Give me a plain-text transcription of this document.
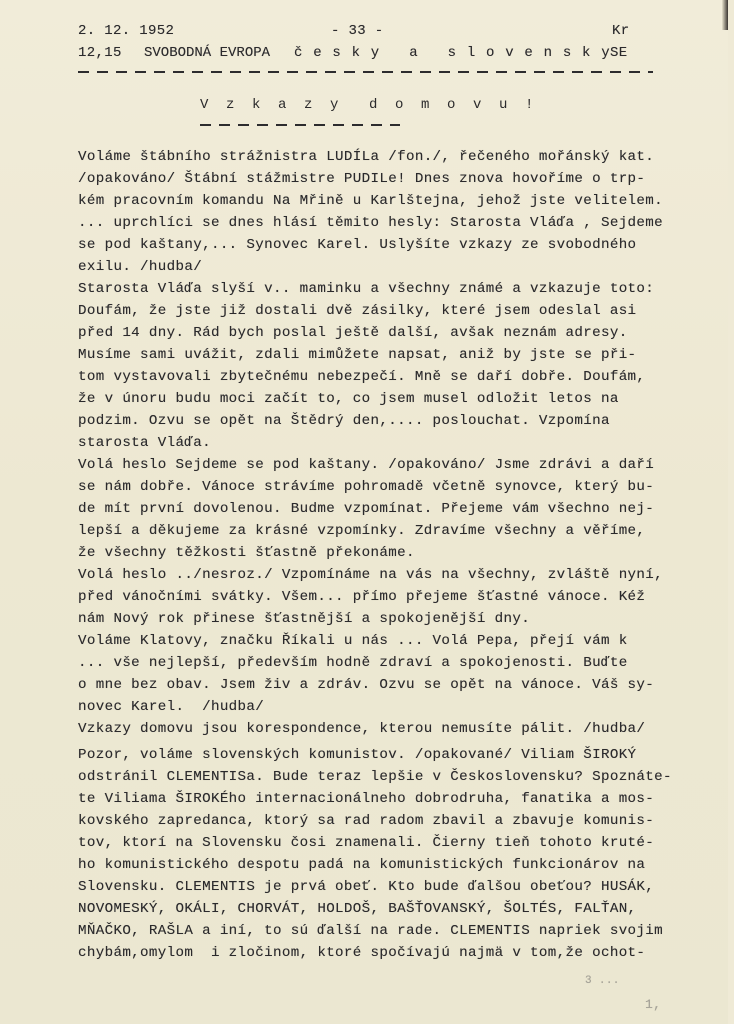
2. 12. 1952	- 33 -	Kr
12,15 SVOBODNÁ EVROPA č e s k y   a   s l o v e n s k y SE
V z k a z y  d o m o v u !
Voláme štábního strážnistra LUDÍLa /fon./, řečeného mořánský kat.
/opakováno/ Štábní stážmistre PUDILe! Dnes znova hovoříme o trp-
kém pracovním komandu Na Mřině u Karlštejna, jehož jste velitelem.
... uprchlíci se dnes hlásí těmito hesly: Starosta Vláďa , Sejdeme
se pod kaštany,... Synovec Karel. Uslyšíte vzkazy ze svobodného
exilu. /hudba/
Starosta Vláďa slyší v.. maminku a všechny známé a vzkazuje toto:
Doufám, že jste již dostali dvě zásilky, které jsem odeslal asi
před 14 dny. Rád bych poslal ještě další, avšak neznám adresy.
Musíme sami uvážit, zdali mimůžete napsat, aniž by jste se při-
tom vystavovali zbytečnému nebezpečí. Mně se daří dobře. Doufám,
že v únoru budu moci začít to, co jsem musel odložit letos na
podzim. Ozvu se opět na Štědrý den,.... poslouchat. Vzpomína
starosta Vláďa.
Volá heslo Sejdeme se pod kaštany. /opakováno/ Jsme zdrávi a daří
se nám dobře. Vánoce strávíme pohromadě včetně synovce, který bu-
de mít první dovolenou. Budme vzpomínat. Přejeme vám všechno nej-
lepší a děkujeme za krásné vzpomínky. Zdravíme všechny a věříme,
že všechny těžkosti šťastně překonáme.
Volá heslo ../nesroz./ Vzpomínáme na vás na všechny, zvláště nyní,
před vánočními svátky. Všem... přímo přejeme šťastné vánoce. Kéž
nám Nový rok přinese šťastnější a spokojenější dny.
Voláme Klatovy, značku Říkali u nás ... Volá Pepa, přejí vám k
... vše nejlepší, především hodně zdraví a spokojenosti. Buďte
o mne bez obav. Jsem živ a zdráv. Ozvu se opět na vánoce. Váš sy-
novec Karel.  /hudba/
Vzkazy domovu jsou korespondence, kterou nemusíte pálit. /hudba/
Pozor, voláme slovenských komunistov. /opakované/ Viliam ŠIROKÝ
odstránil CLEMENTISa. Bude teraz lepšie v Československu? Spoznáte-
te Viliama ŠIROKÉho internacionálneho dobrodruha, fanatika a mos-
kovského zapredanca, ktorý sa rad radom zbavil a zbavuje komunis-
tov, ktorí na Slovensku čosi znamenali. Čierny tieň tohoto kruté-
ho komunistického despotu padá na komunistických funkcionárov na
Slovensku. CLEMENTIS je prvá obeť. Kto bude ďalšou obeťou? HUSÁK,
NOVOMESKÝ, OKÁLI, CHORVÁT, HOLDOŠ, BAŠŤOVANSKÝ, ŠOLTÉS, FALŤAN,
MŇAČKO, RAŠLA a iní, to sú ďalší na rade. CLEMENTIS napriek svojim
chybám,omylom  i zločinom, ktoré spočívajú najmä v tom,že ochot-
3 ...
1,
